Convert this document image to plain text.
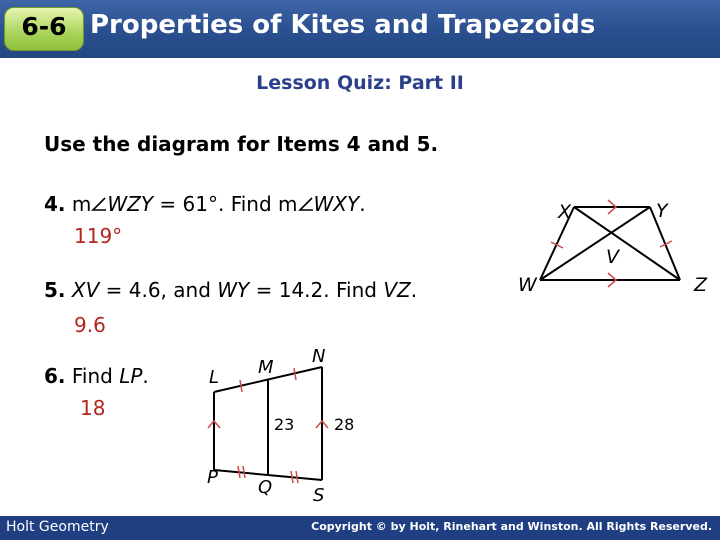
6-6 Properties of Kites and Trapezoids
Lesson Quiz: Part II
Use the diagram for Items 4 and 5.
4. m WZY = 61°. Find m WXY.
119°
5. XV = 4.6, and WY = 14.2. Find VZ.
9.6
6. Find LP.
18
X	Y
V
W	Z
L M
N
P Q S
23 28
Holt Geometry	Copyright © by Holt, Rinehart and Winston. All Rights Reserved.
